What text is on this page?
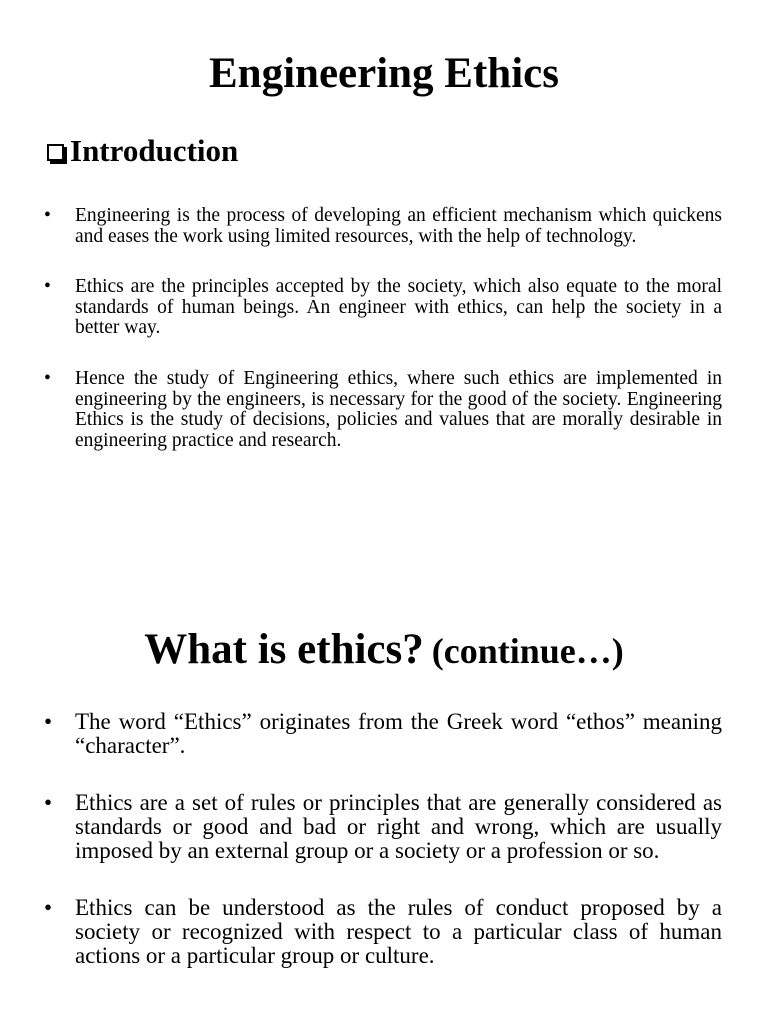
Engineering Ethics
Introduction
• Engineering is the process of developing an efficient mechanism which quickens and eases the work using limited resources, with the help of technology.
• Ethics are the principles accepted by the society, which also equate to the moral standards of human beings. An engineer with ethics, can help the society in a better way.
• Hence the study of Engineering ethics, where such ethics are implemented in engineering by the engineers, is necessary for the good of the society. Engineering Ethics is the study of decisions, policies and values that are morally desirable in engineering practice and research.
What is ethics? (continue…)
• The word “Ethics” originates from the Greek word “ethos” meaning “character”.
• Ethics are a set of rules or principles that are generally considered as standards or good and bad or right and wrong, which are usually imposed by an external group or a society or a profession or so.
• Ethics can be understood as the rules of conduct proposed by a society or recognized with respect to a particular class of human actions or a particular group or culture.
